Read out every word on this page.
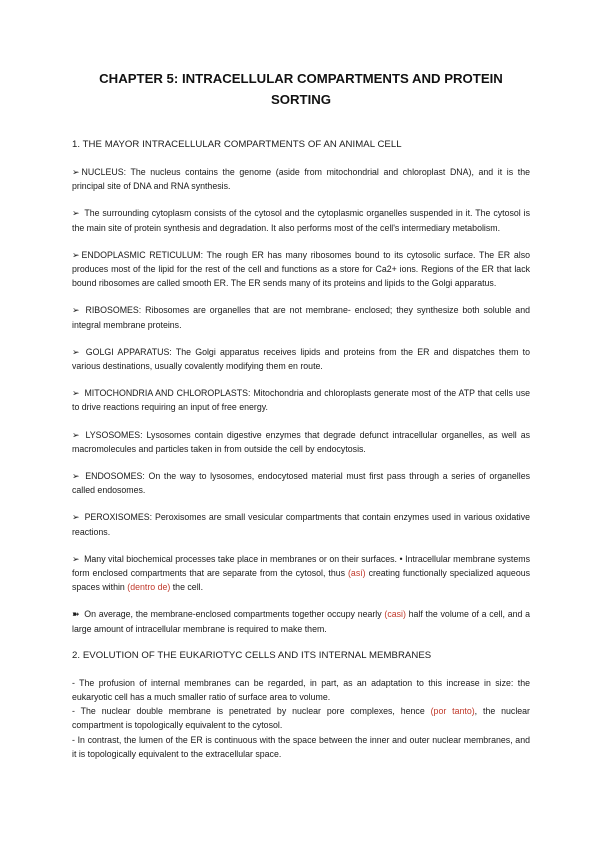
CHAPTER 5: INTRACELLULAR COMPARTMENTS AND PROTEIN SORTING
1. THE MAYOR INTRACELLULAR COMPARTMENTS OF AN ANIMAL CELL
➢ NUCLEUS: The nucleus contains the genome (aside from mitochondrial and chloroplast DNA), and it is the principal site of DNA and RNA synthesis.
➢ The surrounding cytoplasm consists of the cytosol and the cytoplasmic organelles suspended in it. The cytosol is the main site of protein synthesis and degradation. It also performs most of the cell's intermediary metabolism.
➢ ENDOPLASMIC RETICULUM: The rough ER has many ribosomes bound to its cytosolic surface. The ER also produces most of the lipid for the rest of the cell and functions as a store for Ca2+ ions. Regions of the ER that lack bound ribosomes are called smooth ER. The ER sends many of its proteins and lipids to the Golgi apparatus.
➢ RIBOSOMES: Ribosomes are organelles that are not membrane- enclosed; they synthesize both soluble and integral membrane proteins.
➢ GOLGI APPARATUS: The Golgi apparatus receives lipids and proteins from the ER and dispatches them to various destinations, usually covalently modifying them en route.
➢ MITOCHONDRIA AND CHLOROPLASTS: Mitochondria and chloroplasts generate most of the ATP that cells use to drive reactions requiring an input of free energy.
➢ LYSOSOMES: Lysosomes contain digestive enzymes that degrade defunct intracellular organelles, as well as macromolecules and particles taken in from outside the cell by endocytosis.
➢ ENDOSOMES: On the way to lysosomes, endocytosed material must first pass through a series of organelles called endosomes.
➢ PEROXISOMES: Peroxisomes are small vesicular compartments that contain enzymes used in various oxidative reactions.
➢ Many vital biochemical processes take place in membranes or on their surfaces. • Intracellular membrane systems form enclosed compartments that are separate from the cytosol, thus (así) creating functionally specialized aqueous spaces within (dentro de) the cell.
➽ On average, the membrane-enclosed compartments together occupy nearly (casi) half the volume of a cell, and a large amount of intracellular membrane is required to make them.
2. EVOLUTION OF THE EUKARIOTYC CELLS AND ITS INTERNAL MEMBRANES
- The profusion of internal membranes can be regarded, in part, as an adaptation to this increase in size: the eukaryotic cell has a much smaller ratio of surface area to volume.
- The nuclear double membrane is penetrated by nuclear pore complexes, hence (por tanto), the nuclear compartment is topologically equivalent to the cytosol.
- In contrast, the lumen of the ER is continuous with the space between the inner and outer nuclear membranes, and it is topologically equivalent to the extracellular space.
